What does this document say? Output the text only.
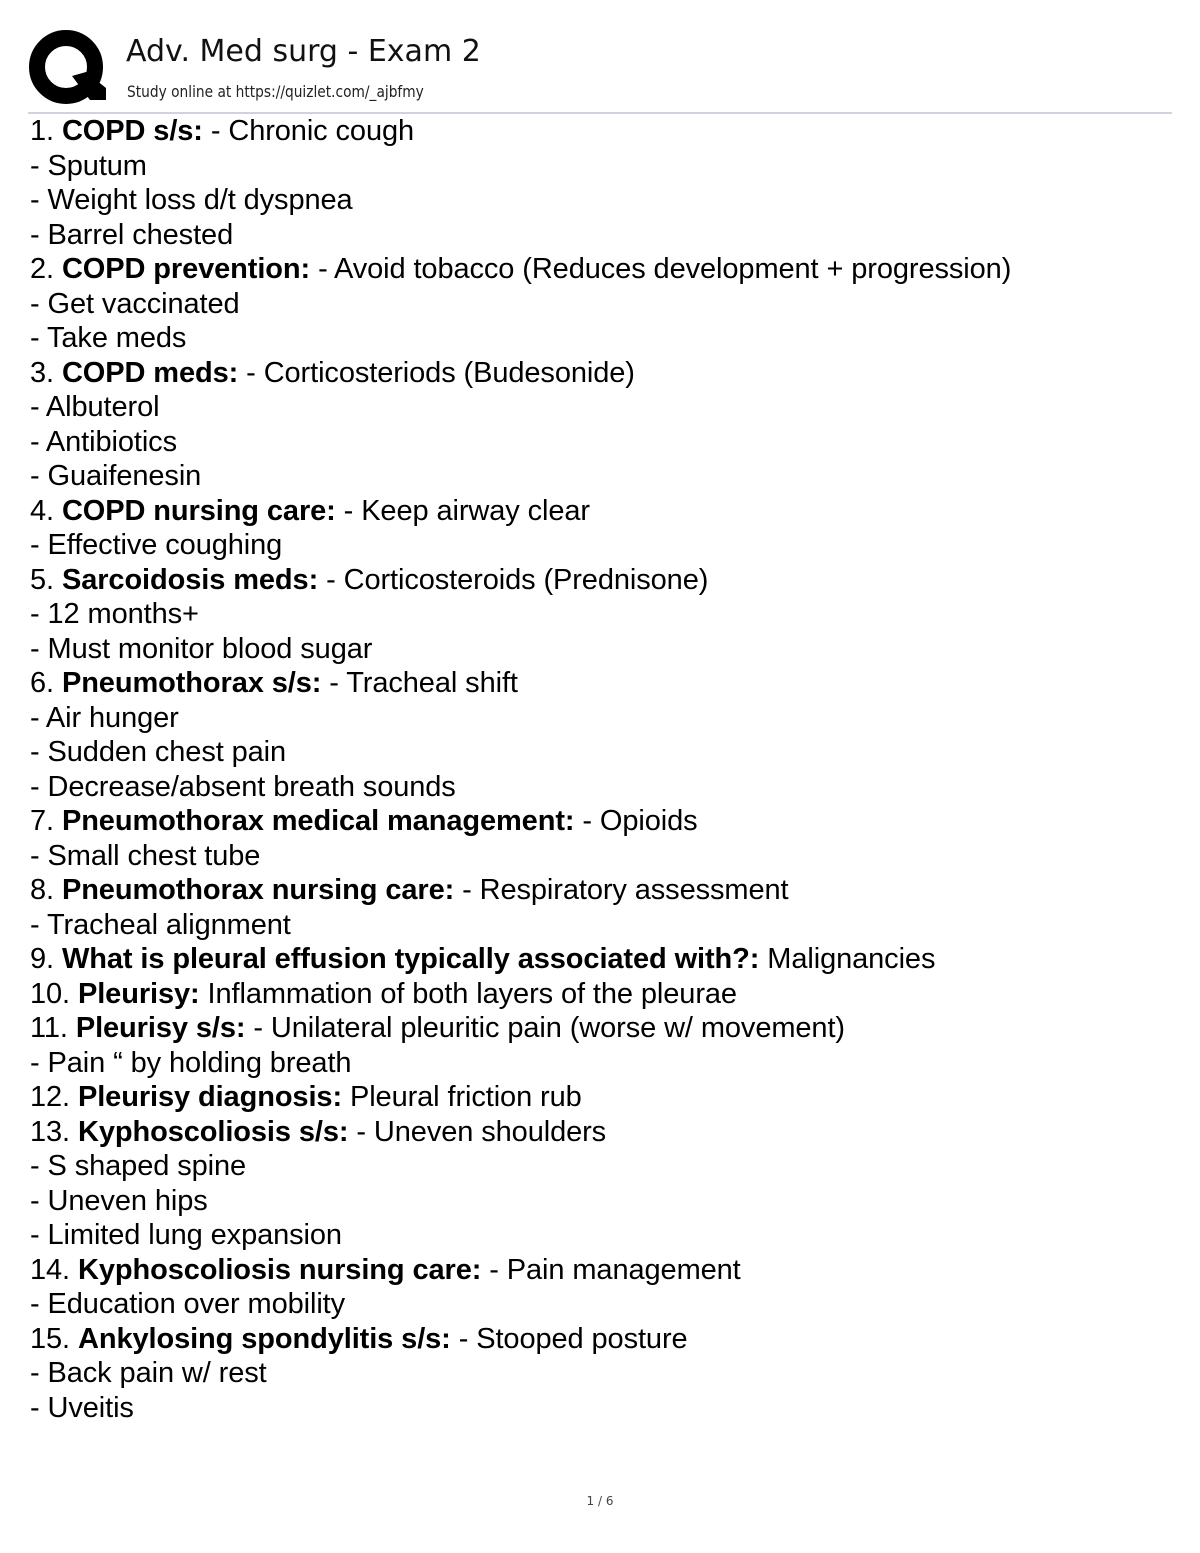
Adv. Med surg - Exam 2
Study online at https://quizlet.com/_ajbfmy
1. COPD s/s: - Chronic cough
- Sputum
- Weight loss d/t dyspnea
- Barrel chested
2. COPD prevention: - Avoid tobacco (Reduces development + progression)
- Get vaccinated
- Take meds
3. COPD meds: - Corticosteriods (Budesonide)
- Albuterol
- Antibiotics
- Guaifenesin
4. COPD nursing care: - Keep airway clear
- Effective coughing
5. Sarcoidosis meds: - Corticosteroids (Prednisone)
- 12 months+
- Must monitor blood sugar
6. Pneumothorax s/s: - Tracheal shift
- Air hunger
- Sudden chest pain
- Decrease/absent breath sounds
7. Pneumothorax medical management: - Opioids
- Small chest tube
8. Pneumothorax nursing care: - Respiratory assessment
- Tracheal alignment
9. What is pleural effusion typically associated with?: Malignancies
10. Pleurisy: Inflammation of both layers of the pleurae
11. Pleurisy s/s: - Unilateral pleuritic pain (worse w/ movement)
- Pain “ by holding breath
12. Pleurisy diagnosis: Pleural friction rub
13. Kyphoscoliosis s/s: - Uneven shoulders
- S shaped spine
- Uneven hips
- Limited lung expansion
14. Kyphoscoliosis nursing care: - Pain management
- Education over mobility
15. Ankylosing spondylitis s/s: - Stooped posture
- Back pain w/ rest
- Uveitis
1 / 6
